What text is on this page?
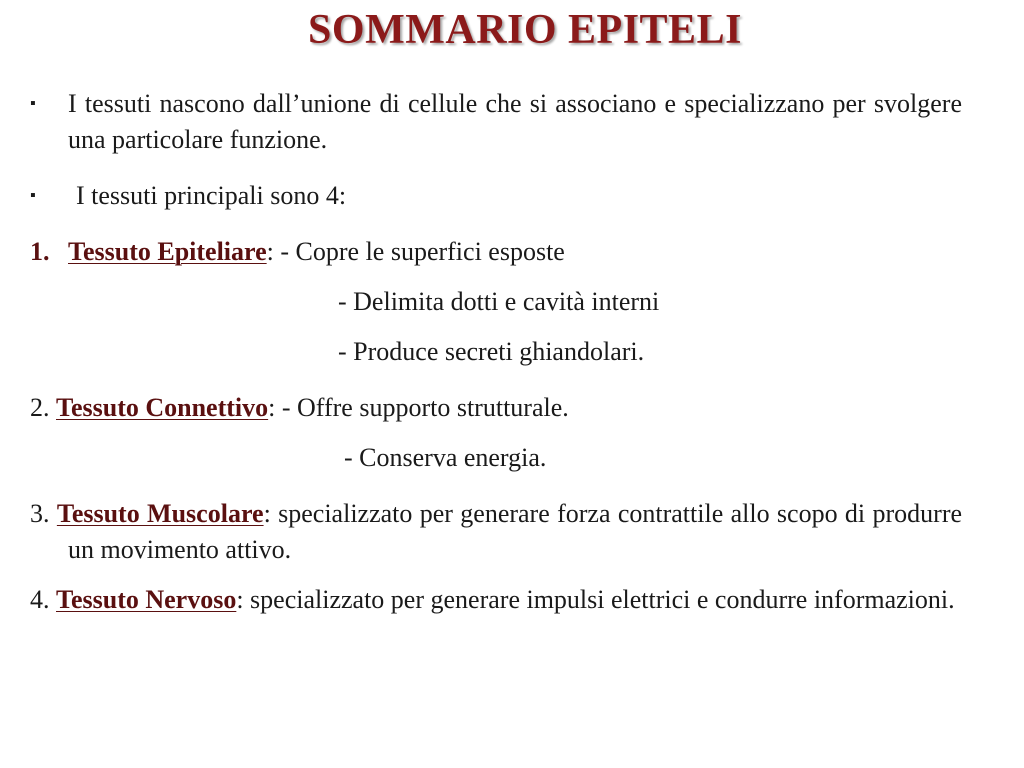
SOMMARIO EPITELI

▪	I tessuti nascono dall’unione di cellule che si associano e specializzano per svolgere una particolare funzione.

▪	I tessuti principali sono 4:

1. Tessuto Epiteliare: - Copre le superfici esposte

- Delimita dotti e cavità interni

- Produce secreti ghiandolari.

2. Tessuto Connettivo: - Offre supporto strutturale.

- Conserva energia.

3. Tessuto Muscolare: specializzato per generare forza contrattile allo scopo di produrre un movimento attivo.

4. Tessuto Nervoso: specializzato per generare impulsi elettrici e condurre informazioni.
